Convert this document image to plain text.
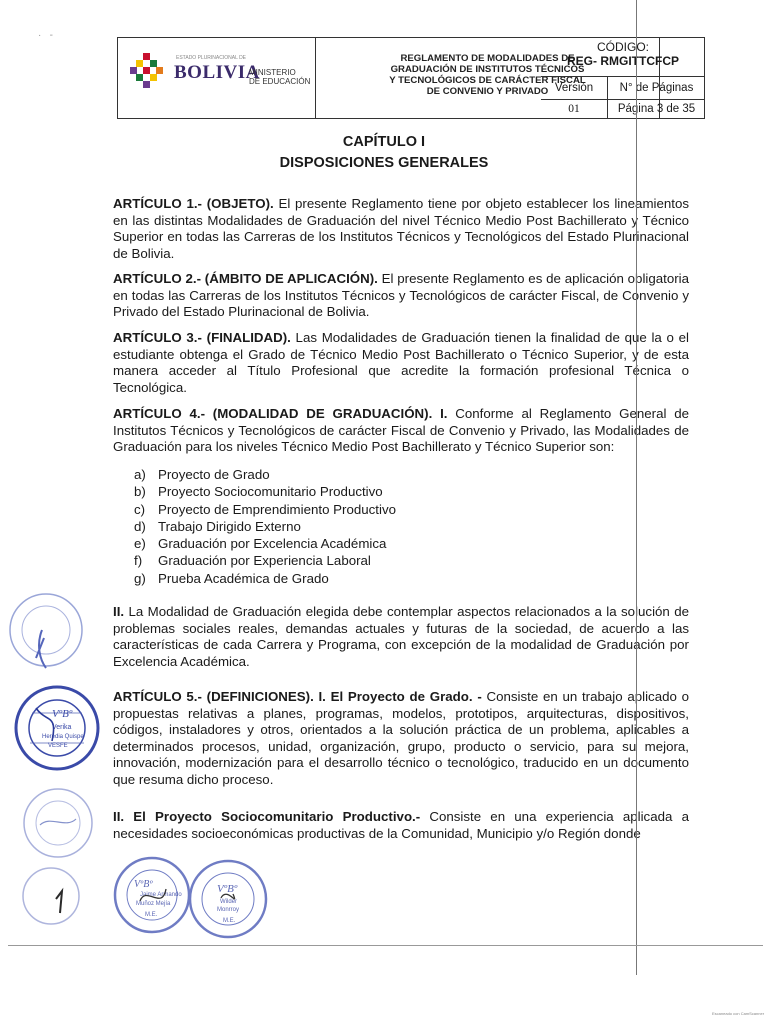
·   -
ESTADO PLURINACIONAL DE
BOLIVIA
MINISTERIO
DE EDUCACIÓN
REGLAMENTO DE MODALIDADES DE
GRADUACIÓN DE INSTITUTOS TÉCNICOS
Y TECNOLÓGICOS DE CARÁCTER FISCAL
DE CONVENIO Y PRIVADO
CÓDIGO:
REG- RMGITTCFCP
Versión	N° de Páginas
01	Página 3 de 35
CAPÍTULO I
DISPOSICIONES GENERALES
ARTÍCULO 1.- (OBJETO). El presente Reglamento tiene por objeto establecer los lineamientos en las distintas Modalidades de Graduación del nivel Técnico Medio Post Bachillerato y Técnico Superior en todas las Carreras de los Institutos Técnicos y Tecnológicos del Estado Plurinacional de Bolivia.
ARTÍCULO 2.- (ÁMBITO DE APLICACIÓN). El presente Reglamento es de aplicación obligatoria en todas las Carreras de los Institutos Técnicos y Tecnológicos de carácter Fiscal, de Convenio y Privado del Estado Plurinacional de Bolivia.
ARTÍCULO 3.- (FINALIDAD). Las Modalidades de Graduación tienen la finalidad de que la o el estudiante obtenga el Grado de Técnico Medio Post Bachillerato o Técnico Superior, y de esta manera acceder al Título Profesional que acredite la formación profesional Técnica o Tecnológica.
ARTÍCULO 4.- (MODALIDAD DE GRADUACIÓN). I. Conforme al Reglamento General de Institutos Técnicos y Tecnológicos de carácter Fiscal de Convenio y Privado, las Modalidades de Graduación para los niveles Técnico Medio Post Bachillerato y Técnico Superior son:
a) Proyecto de Grado
b) Proyecto Sociocomunitario Productivo
c) Proyecto de Emprendimiento Productivo
d) Trabajo Dirigido Externo
e) Graduación por Excelencia Académica
f) Graduación por Experiencia Laboral
g) Prueba Académica de Grado
II. La Modalidad de Graduación elegida debe contemplar aspectos relacionados a la solución de problemas sociales reales, demandas actuales y futuras de la sociedad, de acuerdo a las características de cada Carrera y Programa, con excepción de la modalidad de Graduación por Excelencia Académica.
ARTÍCULO 5.- (DEFINICIONES). I. El Proyecto de Grado. - Consiste en un trabajo aplicado o propuestas relativas a planes, programas, modelos, prototipos, arquitecturas, dispositivos, códigos, instaladores y otros, orientados a la solución práctica de un problema, aplicables a determinados procesos, unidad, organización, grupo, producto o servicio, para su mejora, innovación, modernización para el desarrollo técnico o tecnológico, traducido en un documento que resuma dicho proceso.
II. El Proyecto Sociocomunitario Productivo.- Consiste en una experiencia aplicada a necesidades socioeconómicas productivas de la Comunidad, Municipio y/o Región donde
VºBº
Verika
Heredia Quispe
VESFE
VºBº
Jaime Armando
Muñoz Mejía
M.E.
VºBº
Wilder
Monrroy
M.E.
Escaneado con CamScanner
